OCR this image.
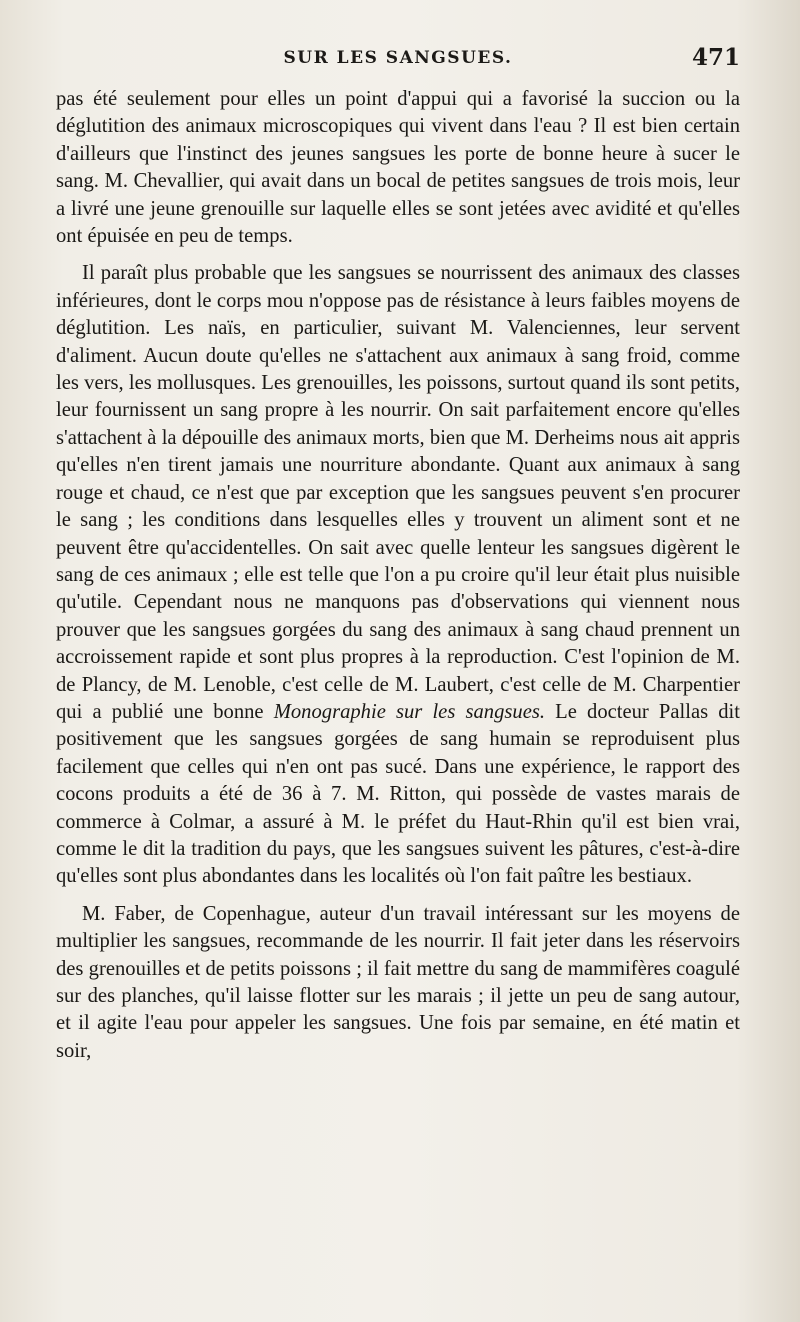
SUR LES SANGSUES.	471

pas été seulement pour elles un point d'appui qui a favorisé la succion ou la déglutition des animaux microscopiques qui vivent dans l'eau ? Il est bien certain d'ailleurs que l'instinct des jeunes sangsues les porte de bonne heure à sucer le sang. M. Chevallier, qui avait dans un bocal de petites sangsues de trois mois, leur a livré une jeune grenouille sur laquelle elles se sont jetées avec avidité et qu'elles ont épuisée en peu de temps.

Il paraît plus probable que les sangsues se nourrissent des animaux des classes inférieures, dont le corps mou n'oppose pas de résistance à leurs faibles moyens de déglutition. Les naïs, en particulier, suivant M. Valenciennes, leur servent d'aliment. Aucun doute qu'elles ne s'attachent aux animaux à sang froid, comme les vers, les mollusques. Les grenouilles, les poissons, surtout quand ils sont petits, leur fournissent un sang propre à les nourrir. On sait parfaitement encore qu'elles s'attachent à la dépouille des animaux morts, bien que M. Derheims nous ait appris qu'elles n'en tirent jamais une nourriture abondante. Quant aux animaux à sang rouge et chaud, ce n'est que par exception que les sangsues peuvent s'en procurer le sang ; les conditions dans lesquelles elles y trouvent un aliment sont et ne peuvent être qu'accidentelles. On sait avec quelle lenteur les sangsues digèrent le sang de ces animaux ; elle est telle que l'on a pu croire qu'il leur était plus nuisible qu'utile. Cependant nous ne manquons pas d'observations qui viennent nous prouver que les sangsues gorgées du sang des animaux à sang chaud prennent un accroissement rapide et sont plus propres à la reproduction. C'est l'opinion de M. de Plancy, de M. Lenoble, c'est celle de M. Laubert, c'est celle de M. Charpentier qui a publié une bonne Monographie sur les sangsues. Le docteur Pallas dit positivement que les sangsues gorgées de sang humain se reproduisent plus facilement que celles qui n'en ont pas sucé. Dans une expérience, le rapport des cocons produits a été de 36 à 7. M. Ritton, qui possède de vastes marais de commerce à Colmar, a assuré à M. le préfet du Haut-Rhin qu'il est bien vrai, comme le dit la tradition du pays, que les sangsues suivent les pâtures, c'est-à-dire qu'elles sont plus abondantes dans les localités où l'on fait paître les bestiaux.

M. Faber, de Copenhague, auteur d'un travail intéressant sur les moyens de multiplier les sangsues, recommande de les nourrir. Il fait jeter dans les réservoirs des grenouilles et de petits poissons ; il fait mettre du sang de mammifères coagulé sur des planches, qu'il laisse flotter sur les marais ; il jette un peu de sang autour, et il agite l'eau pour appeler les sangsues. Une fois par semaine, en été matin et soir,
